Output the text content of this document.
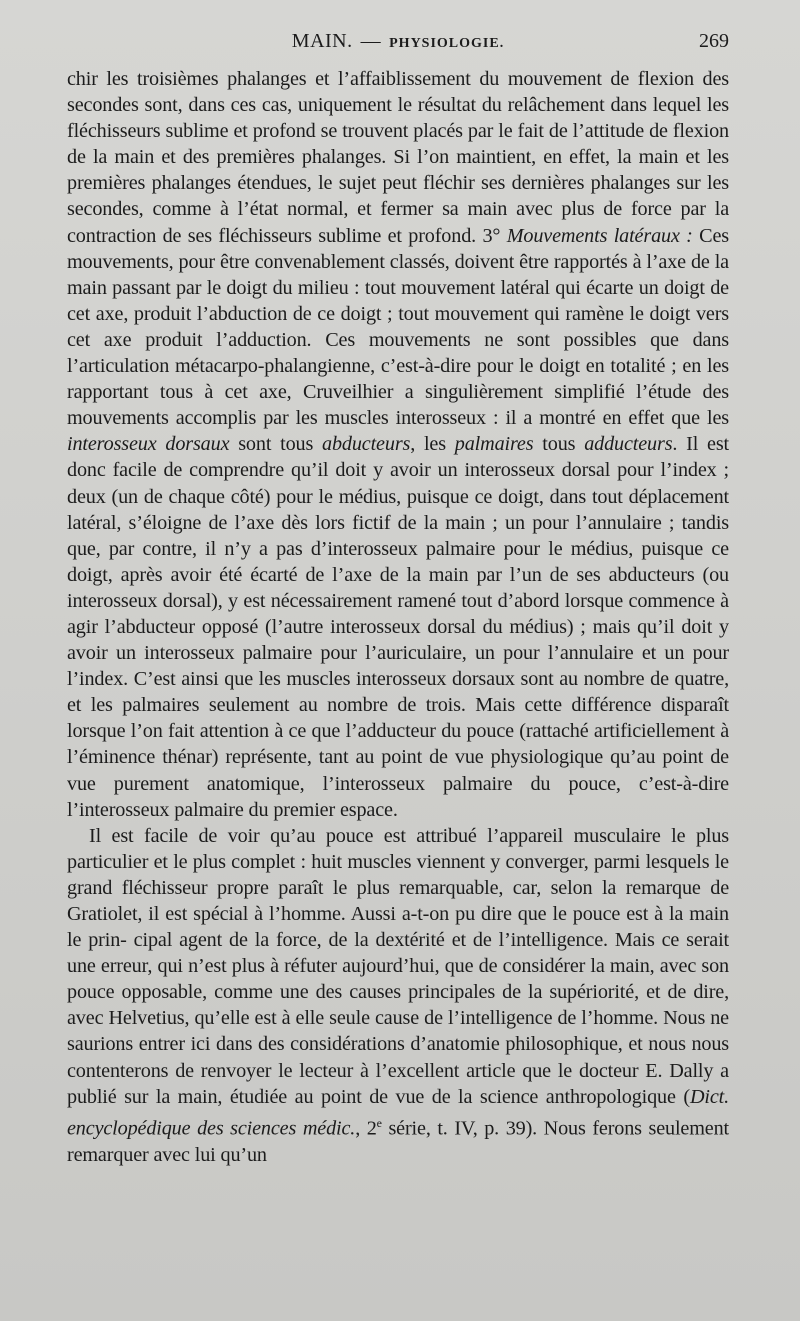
MAIN. — PHYSIOLOGIE.	269

chir les troisièmes phalanges et l’affaiblissement du mouvement de flexion des secondes sont, dans ces cas, uniquement le résultat du relâchement dans lequel les fléchisseurs sublime et profond se trouvent placés par le fait de l’attitude de flexion de la main et des premières phalanges. Si l’on maintient, en effet, la main et les premières phalanges étendues, le sujet peut fléchir ses dernières phalanges sur les secondes, comme à l’état normal, et fermer sa main avec plus de force par la contraction de ses fléchisseurs sublime et profond. 3° Mouvements latéraux : Ces mouvements, pour être convenablement classés, doivent être rapportés à l’axe de la main passant par le doigt du milieu : tout mouvement latéral qui écarte un doigt de cet axe, produit l’abduction de ce doigt ; tout mouvement qui ramène le doigt vers cet axe produit l’adduction. Ces mouvements ne sont possibles que dans l’articulation métacarpo-phalangienne, c’est-à-dire pour le doigt en totalité ; en les rapportant tous à cet axe, Cruveilhier a singulièrement simplifié l’étude des mouvements accomplis par les muscles interosseux : il a montré en effet que les interosseux dorsaux sont tous abducteurs, les palmaires tous adducteurs. Il est donc facile de comprendre qu’il doit y avoir un interosseux dorsal pour l’index ; deux (un de chaque côté) pour le médius, puisque ce doigt, dans tout déplacement latéral, s’éloigne de l’axe dès lors fictif de la main ; un pour l’annulaire ; tandis que, par contre, il n’y a pas d’interosseux palmaire pour le médius, puisque ce doigt, après avoir été écarté de l’axe de la main par l’un de ses abducteurs (ou interosseux dorsal), y est nécessairement ramené tout d’abord lorsque commence à agir l’abducteur opposé (l’autre interosseux dorsal du médius) ; mais qu’il doit y avoir un interosseux palmaire pour l’auriculaire, un pour l’annulaire et un pour l’index. C’est ainsi que les muscles interosseux dorsaux sont au nombre de quatre, et les palmaires seulement au nombre de trois. Mais cette différence disparaît lorsque l’on fait attention à ce que l’adducteur du pouce (rattaché artificiellement à l’éminence thénar) représente, tant au point de vue physiologique qu’au point de vue purement anatomique, l’interosseux palmaire du pouce, c’est-à-dire l’interosseux palmaire du premier espace.

Il est facile de voir qu’au pouce est attribué l’appareil musculaire le plus particulier et le plus complet : huit muscles viennent y converger, parmi lesquels le grand fléchisseur propre paraît le plus remarquable, car, selon la remarque de Gratiolet, il est spécial à l’homme. Aussi a-t-on pu dire que le pouce est à la main le prin- cipal agent de la force, de la dextérité et de l’intelligence. Mais ce serait une erreur, qui n’est plus à réfuter aujourd’hui, que de considérer la main, avec son pouce opposable, comme une des causes principales de la supériorité, et de dire, avec Helvetius, qu’elle est à elle seule cause de l’intelligence de l’homme. Nous ne saurions entrer ici dans des considérations d’anatomie philosophique, et nous nous contenterons de renvoyer le lecteur à l’excellent article que le docteur E. Dally a publié sur la main, étudiée au point de vue de la science anthropologique (Dict. encyclopédique des sciences médic., 2e série, t. IV, p. 39). Nous ferons seulement remarquer avec lui qu’un
